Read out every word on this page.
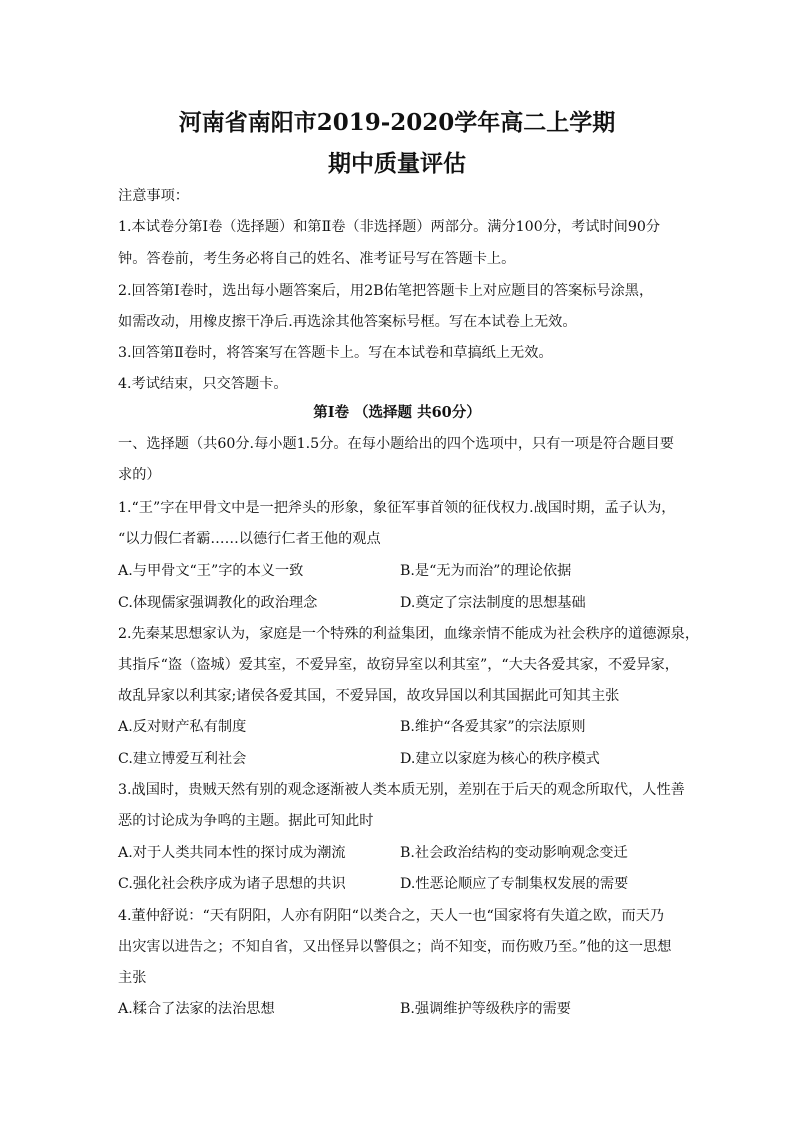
河南省南阳市2019-2020学年高二上学期
期中质量评估

注意事项：

1.本试卷分第Ⅰ卷（选择题）和第Ⅱ卷（非选择题）两部分。满分100分，考试时间90分

钟。答卷前，考生务必将自己的姓名、准考证号写在答题卡上。

2.回答第Ⅰ卷时，选出每小题答案后，用2B佑笔把答题卡上对应题目的答案标号涂黑，

如需改动，用橡皮擦干净后.再选涂其他答案标号框。写在本试卷上无效。

3.回答第Ⅱ卷时，将答案写在答题卡上。写在本试卷和草搞纸上无效。

4.考试结束，只交答题卡。

第Ⅰ卷 （选择题 共60分）

一、选择题（共60分.每小题1.5分。在每小题给出的四个选项中，只有一项是符合题目要

求的）

1.“王”字在甲骨文中是一把斧头的形象，象征军事首领的征伐权力.战国时期，孟子认为，

“以力假仁者霸……以德行仁者王他的观点

A.与甲骨文“王”字的本义一致	B.是“无为而治”的理论依据

C.体现儒家强调教化的政治理念	D.奠定了宗法制度的思想基础

2.先秦某思想家认为，家庭是一个特殊的利益集团，血缘亲情不能成为社会秩序的道德源泉，

其指斥“盗（盗城）爱其室，不爱异室，故窃异室以利其室”，“大夫各爱其家，不爱异家，

故乱异家以利其家;诸侯各爱其国，不爱异国，故攻异国以利其国据此可知其主张

A.反对财产私有制度	B.维护“各爱其家”的宗法原则

C.建立博爱互利社会	D.建立以家庭为核心的秩序模式

3.战国时，贵贼天然有别的观念逐渐被人类本质无别，差别在于后天的观念所取代，人性善

恶的讨论成为争鸣的主题。据此可知此时

A.对于人类共同本性的探讨成为潮流	B.社会政治结构的变动影响观念变迁

C.强化社会秩序成为诸子思想的共识	D.性恶论顺应了专制集权发展的需要

4.董仲舒说：“天有阴阳，人亦有阴阳“以类合之，天人一也“国家将有失道之欧，而天乃

出灾害以进告之；不知自省，又出怪异以警俱之；尚不知变，而伤败乃至。”他的这一思想

主张

A.糅合了法家的法治思想	B.强调维护等级秩序的需要
